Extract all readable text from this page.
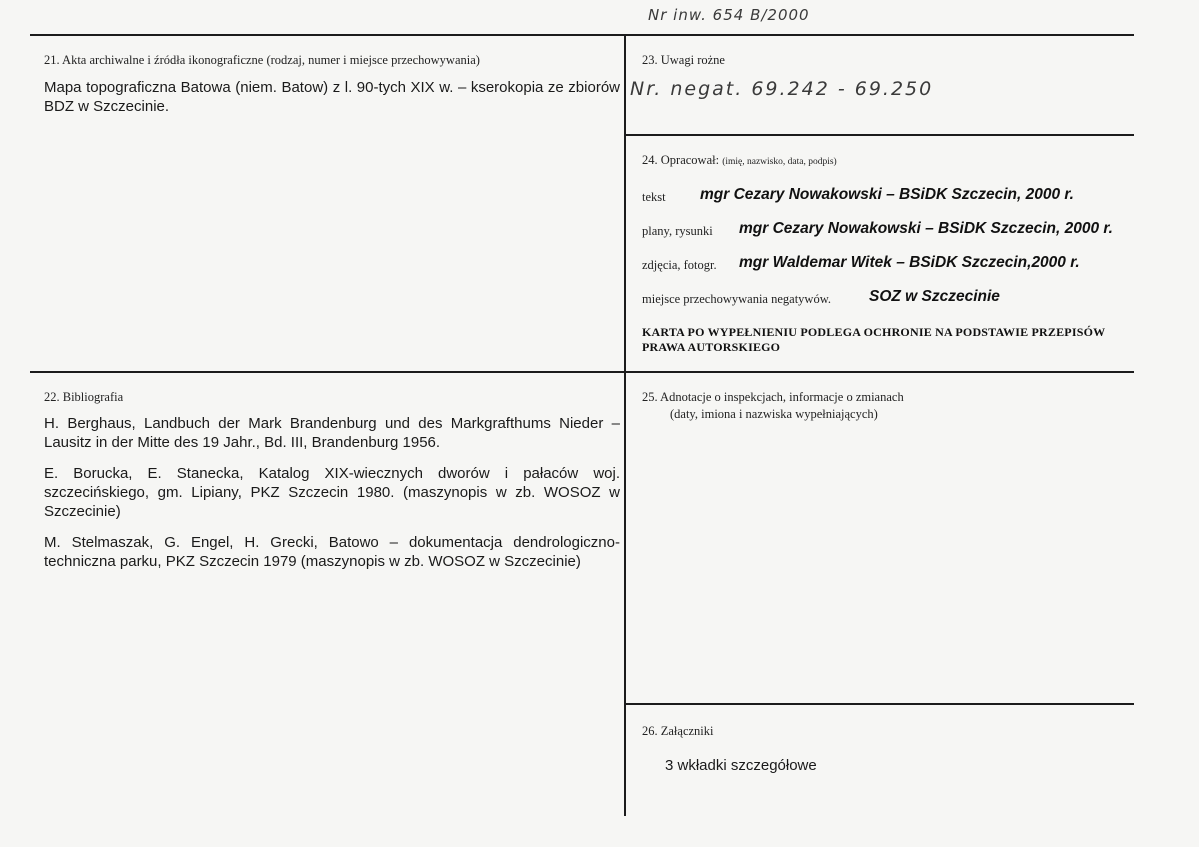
Nr inw. 654 B/2000
21. Akta archiwalne i źródła ikonograficzne (rodzaj, numer i miejsce przechowywania)
Mapa topograficzna Batowa (niem. Batow) z l. 90-tych XIX w. – kserokopia ze zbiorów BDZ w Szczecinie.
22. Bibliografia

H. Berghaus, Landbuch der Mark Brandenburg und des Markgrafthums Nieder – Lausitz in der Mitte des 19 Jahr., Bd. III, Brandenburg 1956.

E. Borucka, E. Stanecka, Katalog XIX-wiecznych dworów i pałaców woj. szczecińskiego, gm. Lipiany, PKZ Szczecin 1980. (maszynopis w zb. WOSOZ w Szczecinie)

M. Stelmaszak, G. Engel, H. Grecki, Batowo – dokumentacja dendrologiczno-techniczna parku, PKZ Szczecin 1979 (maszynopis w zb. WOSOZ w Szczecinie)

23. Uwagi rożne
Nr. negat. 69.242 - 69.250
24. Opracował: (imię, nazwisko, data, podpis)
tekst mgr Cezary Nowakowski – BSiDK Szczecin, 2000 r.
plany, rysunki mgr Cezary Nowakowski – BSiDK Szczecin, 2000 r.
zdjęcia, fotogr. mgr Waldemar Witek – BSiDK Szczecin,2000 r.
miejsce przechowywania negatywów. SOZ w Szczecinie
KARTA PO WYPEŁNIENIU PODLEGA OCHRONIE NA PODSTAWIE PRZEPISÓW
PRAWA AUTORSKIEGO
25. Adnotacje o inspekcjach, informacje o zmianach
(daty, imiona i nazwiska wypełniających)
26. Załączniki
3 wkładki szczegółowe
